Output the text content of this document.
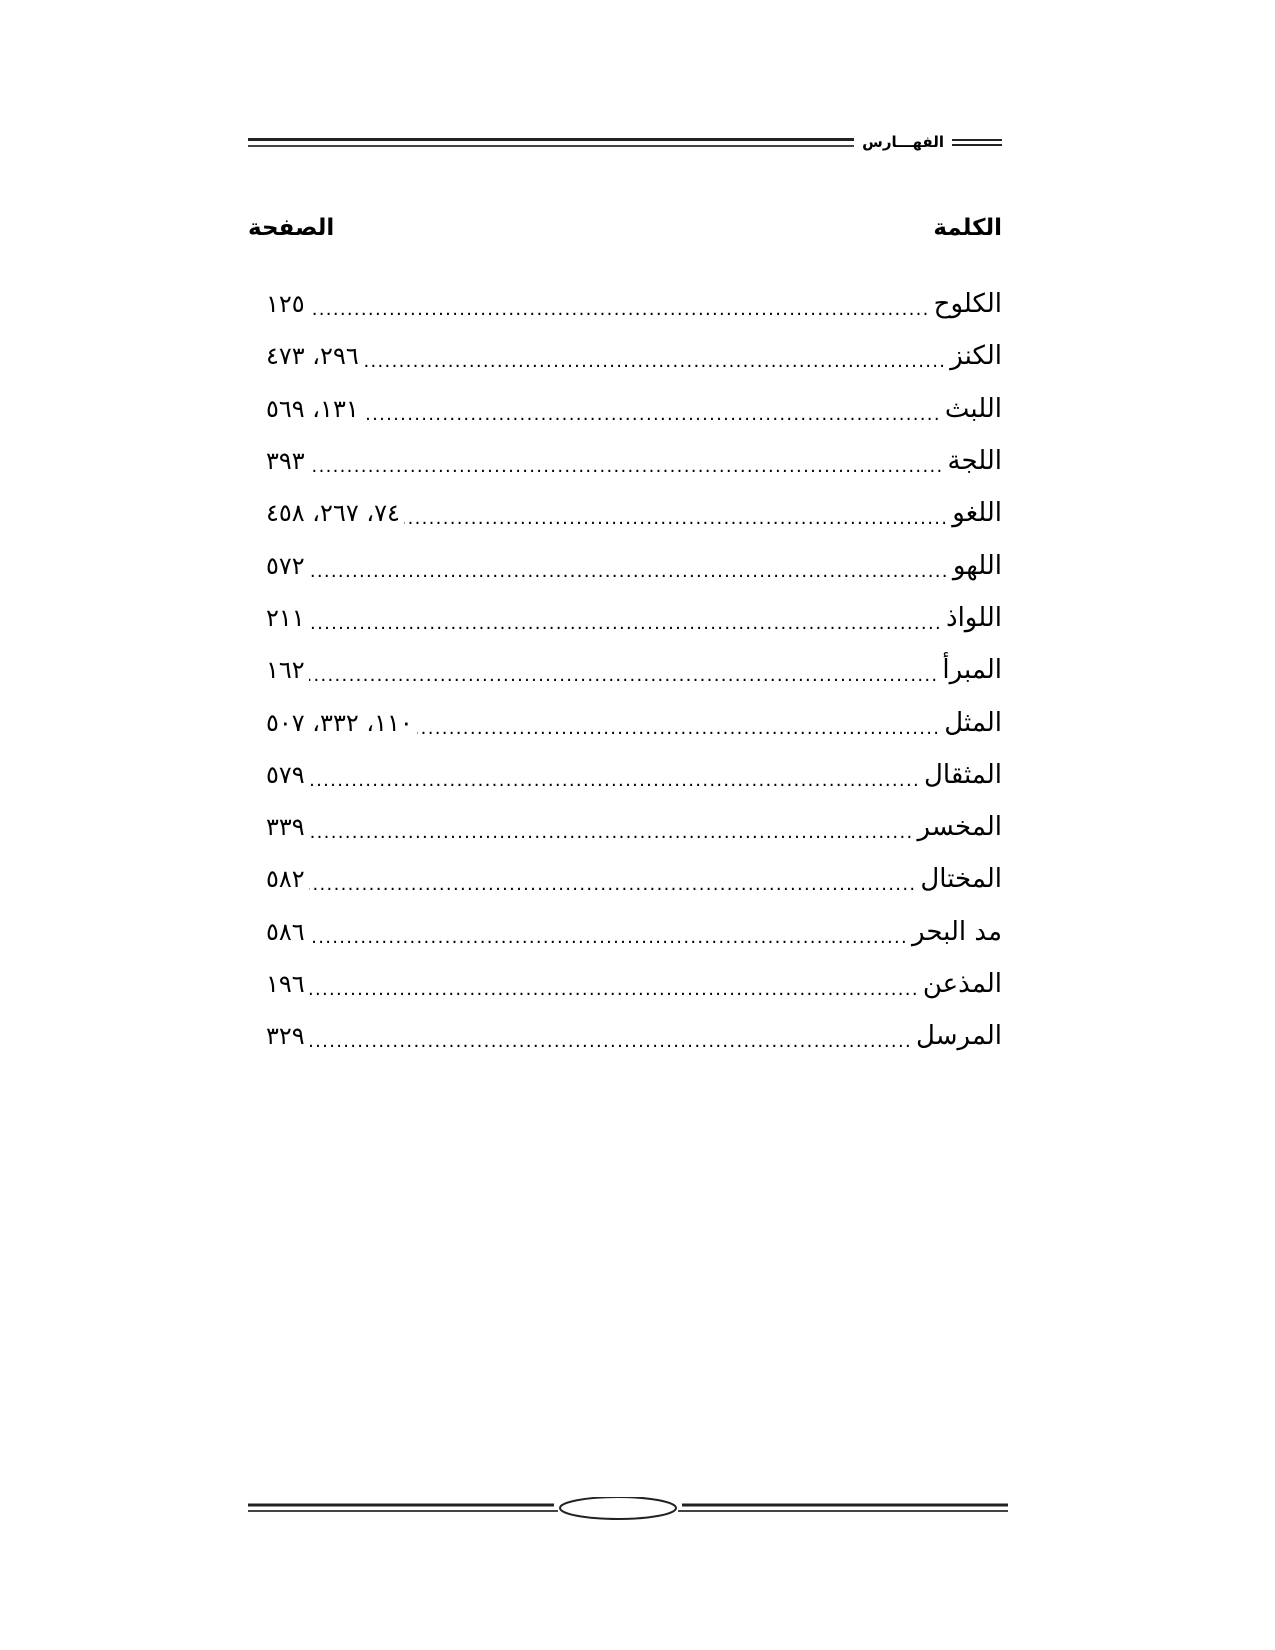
الفهـــارس
الكلمة
الصفحة
الكلوح
.....
١٢٥
الكنز
.....
٢٩٦، ٤٧٣
اللبث
.....
١٣١، ٥٦٩
اللجة
.....
٣٩٣
اللغو
.....
٧٤، ٢٦٧، ٤٥٨
اللهو
.....
٥٧٢
اللواذ
.....
٢١١
المبرأ
.....
١٦٢
المثل
.....
١١٠، ٣٣٢، ٥٠٧
المثقال
.....
٥٧٩
المخسر
.....
٣٣٩
المختال
.....
٥٨٢
مد البحر
.....
٥٨٦
المذعن
.....
١٩٦
المرسل
.....
٣٢٩
